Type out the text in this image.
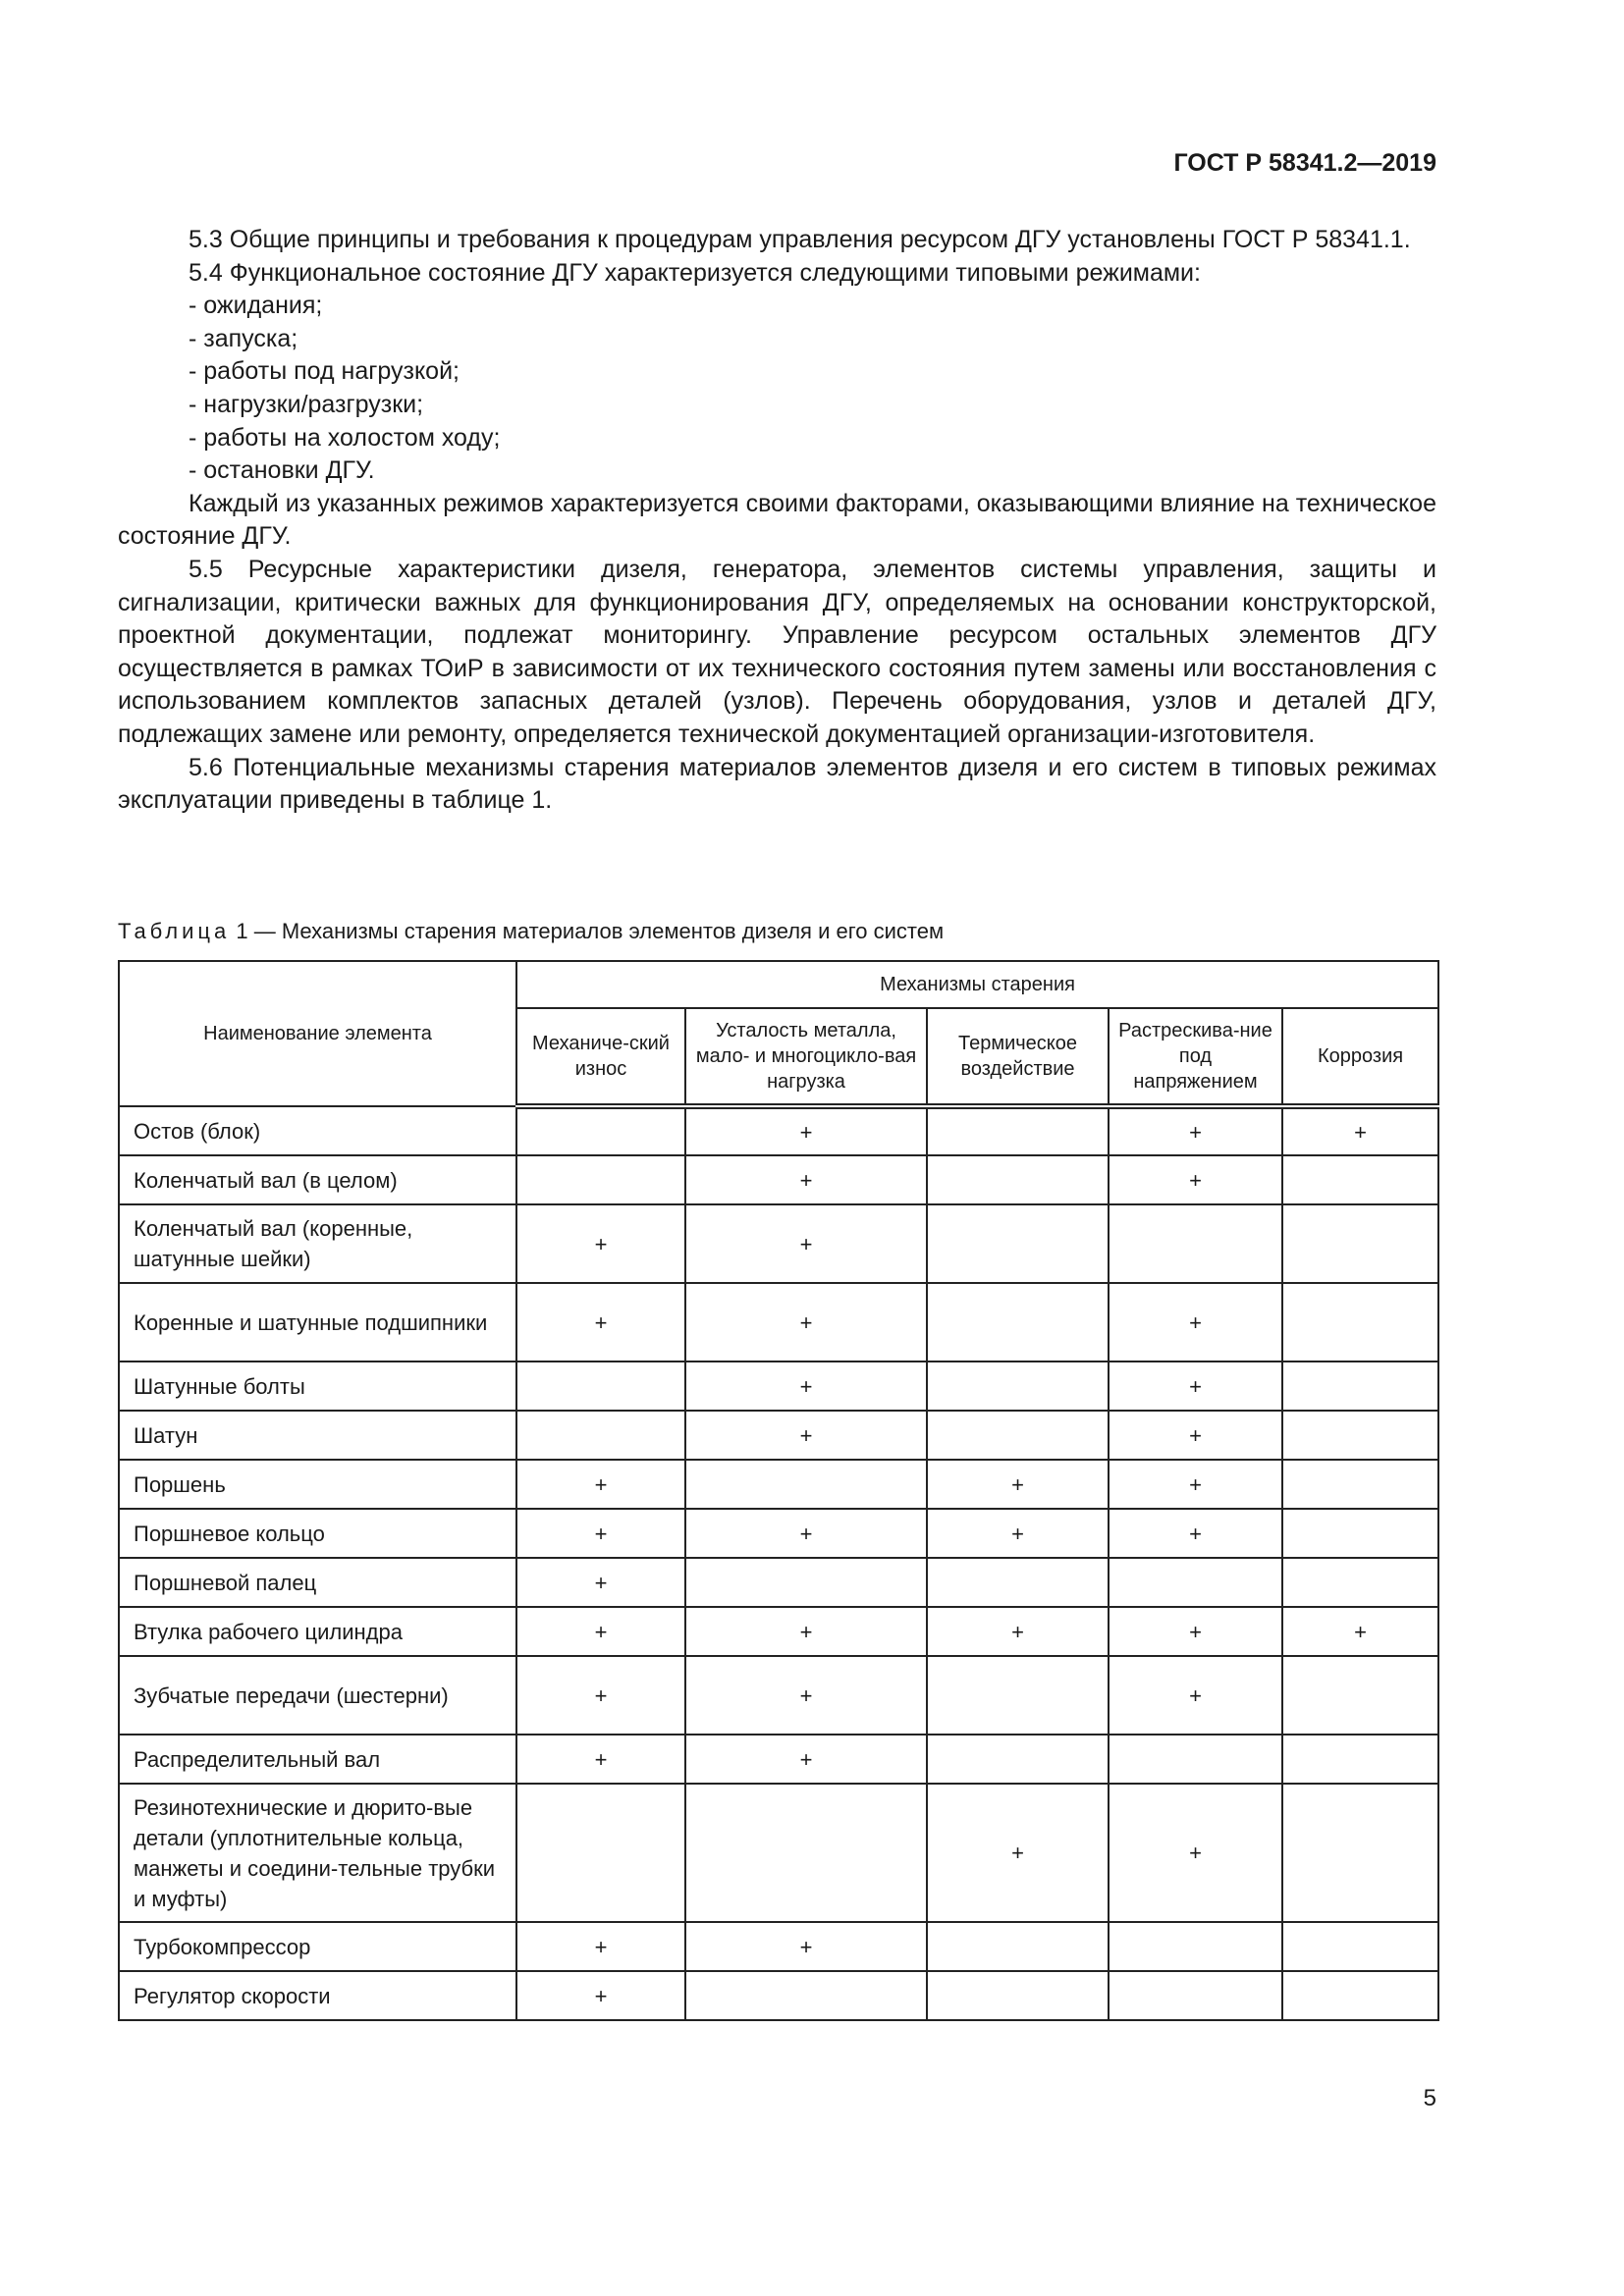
ГОСТ Р 58341.2—2019

5.3 Общие принципы и требования к процедурам управления ресурсом ДГУ установлены ГОСТ Р 58341.1.

5.4 Функциональное состояние ДГУ характеризуется следующими типовыми режимами:

- ожидания;

- запуска;

- работы под нагрузкой;

- нагрузки/разгрузки;

- работы на холостом ходу;

- остановки ДГУ.

Каждый из указанных режимов характеризуется своими факторами, оказывающими влияние на техническое состояние ДГУ.

5.5 Ресурсные характеристики дизеля, генератора, элементов системы управления, защиты и сигнализации, критически важных для функционирования ДГУ, определяемых на основании конструкторской, проектной документации, подлежат мониторингу. Управление ресурсом остальных элементов ДГУ осуществляется в рамках ТОиР в зависимости от их технического состояния путем замены или восстановления с использованием комплектов запасных деталей (узлов). Перечень оборудования, узлов и деталей ДГУ, подлежащих замене или ремонту, определяется технической документацией организации-изготовителя.

5.6 Потенциальные механизмы старения материалов элементов дизеля и его систем в типовых режимах эксплуатации приведены в таблице 1.

Таблица 1 — Механизмы старения материалов элементов дизеля и его систем
Наименование элемента	Механизмы старения				
	Механиче-ский износ	Усталость металла, мало- и многоцикло-вая нагрузка	Термическое воздействие	Растрескива-ние под напряжением	Коррозия
Остов (блок)		+		+	+
Коленчатый вал (в целом)		+		+	
Коленчатый вал (коренные, шатунные шейки)	+	+			
Коренные и шатунные подшипники	+	+		+	
Шатунные болты		+		+	
Шатун		+		+	
Поршень	+		+	+	
Поршневое кольцо	+	+	+	+	
Поршневой палец	+				
Втулка рабочего цилиндра	+	+	+	+	+
Зубчатые передачи (шестерни)	+	+		+	
Распределительный вал	+	+			
Резинотехнические и дюрито-вые детали (уплотнительные кольца, манжеты и соедини-тельные трубки и муфты)			+	+	
Турбокомпрессор	+	+			
Регулятор скорости	+				
5
